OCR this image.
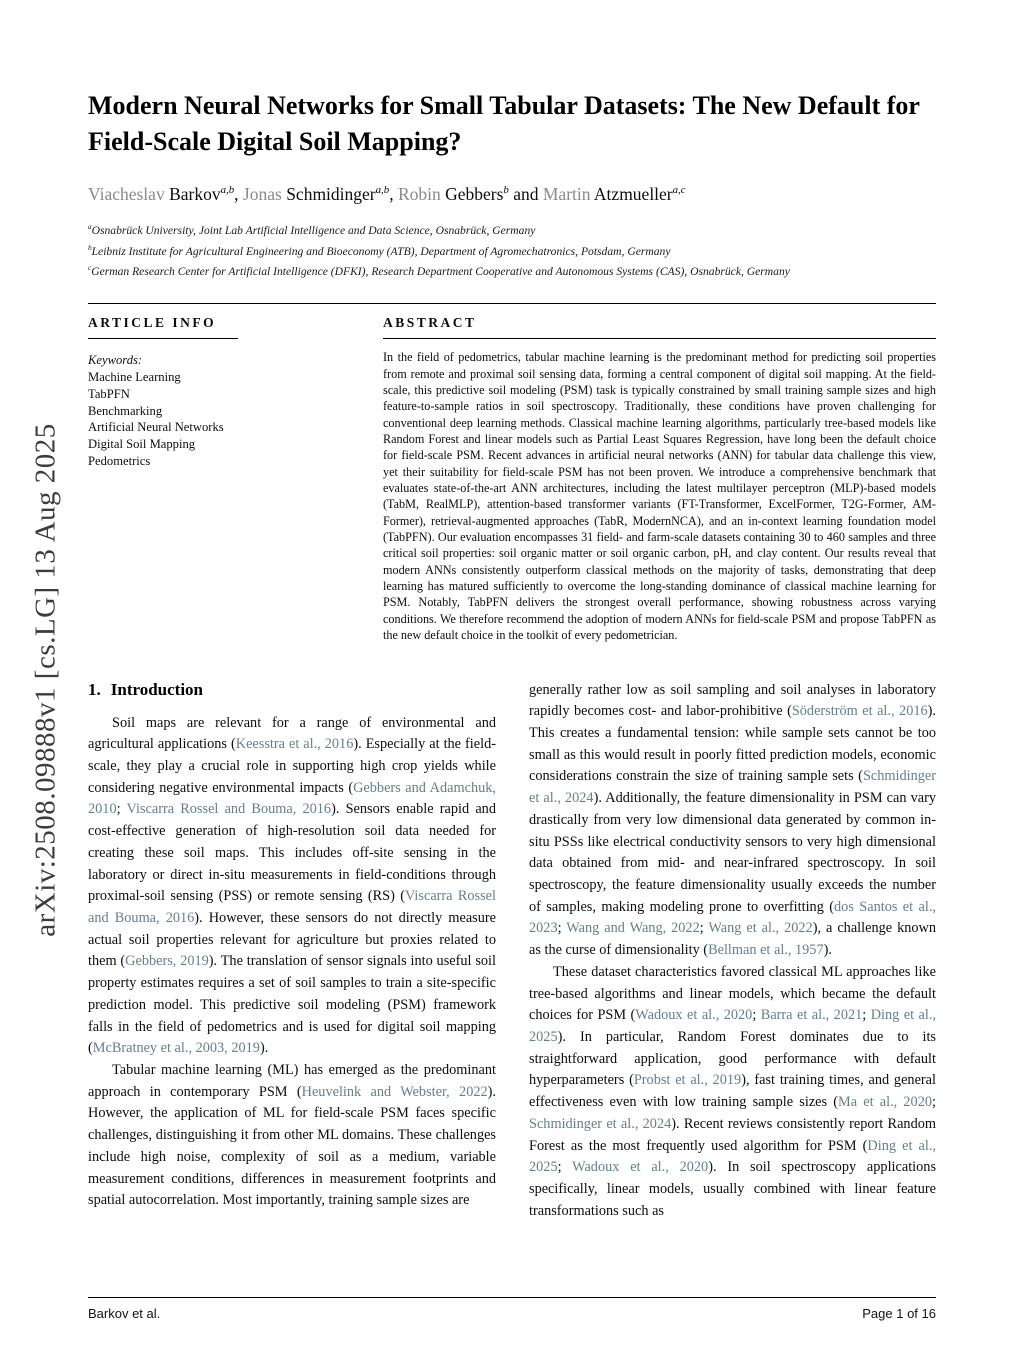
arXiv:2508.09888v1 [cs.LG] 13 Aug 2025
Modern Neural Networks for Small Tabular Datasets: The New Default for Field-Scale Digital Soil Mapping?
Viacheslav Barkov$^{a,b}$, Jonas Schmidinger$^{a,b}$, Robin Gebbers$^b$ and Martin Atzmueller$^{a,c}$
$^a$Osnabrück University, Joint Lab Artificial Intelligence and Data Science, Osnabrück, Germany
$^b$Leibniz Institute for Agricultural Engineering and Bioeconomy (ATB), Department of Agromechatronics, Potsdam, Germany
$^c$German Research Center for Artificial Intelligence (DFKI), Research Department Cooperative and Autonomous Systems (CAS), Osnabrück, Germany
ARTICLE INFO
Keywords:
Machine Learning
TabPFN
Benchmarking
Artificial Neural Networks
Digital Soil Mapping
Pedometrics
ABSTRACT
In the field of pedometrics, tabular machine learning is the predominant method for predicting soil properties from remote and proximal soil sensing data, forming a central component of digital soil mapping. At the field-scale, this predictive soil modeling (PSM) task is typically constrained by small training sample sizes and high feature-to-sample ratios in soil spectroscopy. Traditionally, these conditions have proven challenging for conventional deep learning methods. Classical machine learning algorithms, particularly tree-based models like Random Forest and linear models such as Partial Least Squares Regression, have long been the default choice for field-scale PSM. Recent advances in artificial neural networks (ANN) for tabular data challenge this view, yet their suitability for field-scale PSM has not been proven. We introduce a comprehensive benchmark that evaluates state-of-the-art ANN architectures, including the latest multilayer perceptron (MLP)-based models (TabM, RealMLP), attention-based transformer variants (FT-Transformer, ExcelFormer, T2G-Former, AM-Former), retrieval-augmented approaches (TabR, ModernNCA), and an in-context learning foundation model (TabPFN). Our evaluation encompasses 31 field- and farm-scale datasets containing 30 to 460 samples and three critical soil properties: soil organic matter or soil organic carbon, pH, and clay content. Our results reveal that modern ANNs consistently outperform classical methods on the majority of tasks, demonstrating that deep learning has matured sufficiently to overcome the long-standing dominance of classical machine learning for PSM. Notably, TabPFN delivers the strongest overall performance, showing robustness across varying conditions. We therefore recommend the adoption of modern ANNs for field-scale PSM and propose TabPFN as the new default choice in the toolkit of every pedometrician.
1. Introduction

Soil maps are relevant for a range of environmental and agricultural applications (Keesstra et al., 2016). Especially at the field-scale, they play a crucial role in supporting high crop yields while considering negative environmental impacts (Gebbers and Adamchuk, 2010; Viscarra Rossel and Bouma, 2016). Sensors enable rapid and cost-effective generation of high-resolution soil data needed for creating these soil maps. This includes off-site sensing in the laboratory or direct in-situ measurements in field-conditions through proximal-soil sensing (PSS) or remote sensing (RS) (Viscarra Rossel and Bouma, 2016). However, these sensors do not directly measure actual soil properties relevant for agriculture but proxies related to them (Gebbers, 2019). The translation of sensor signals into useful soil property estimates requires a set of soil samples to train a site-specific prediction model. This predictive soil modeling (PSM) framework falls in the field of pedometrics and is used for digital soil mapping (McBratney et al., 2003, 2019).

Tabular machine learning (ML) has emerged as the predominant approach in contemporary PSM (Heuvelink and Webster, 2022). However, the application of ML for field-scale PSM faces specific challenges, distinguishing it from other ML domains. These challenges include high noise, complexity of soil as a medium, variable measurement conditions, differences in measurement footprints and spatial autocorrelation. Most importantly, training sample sizes are

generally rather low as soil sampling and soil analyses in laboratory rapidly becomes cost- and labor-prohibitive (Söderström et al., 2016). This creates a fundamental tension: while sample sets cannot be too small as this would result in poorly fitted prediction models, economic considerations constrain the size of training sample sets (Schmidinger et al., 2024). Additionally, the feature dimensionality in PSM can vary drastically from very low dimensional data generated by common in-situ PSSs like electrical conductivity sensors to very high dimensional data obtained from mid- and near-infrared spectroscopy. In soil spectroscopy, the feature dimensionality usually exceeds the number of samples, making modeling prone to overfitting (dos Santos et al., 2023; Wang and Wang, 2022; Wang et al., 2022), a challenge known as the curse of dimensionality (Bellman et al., 1957).

These dataset characteristics favored classical ML approaches like tree-based algorithms and linear models, which became the default choices for PSM (Wadoux et al., 2020; Barra et al., 2021; Ding et al., 2025). In particular, Random Forest dominates due to its straightforward application, good performance with default hyperparameters (Probst et al., 2019), fast training times, and general effectiveness even with low training sample sizes (Ma et al., 2020; Schmidinger et al., 2024). Recent reviews consistently report Random Forest as the most frequently used algorithm for PSM (Ding et al., 2025; Wadoux et al., 2020). In soil spectroscopy applications specifically, linear models, usually combined with linear feature transformations such as

Barkov et al.	Page 1 of 16
